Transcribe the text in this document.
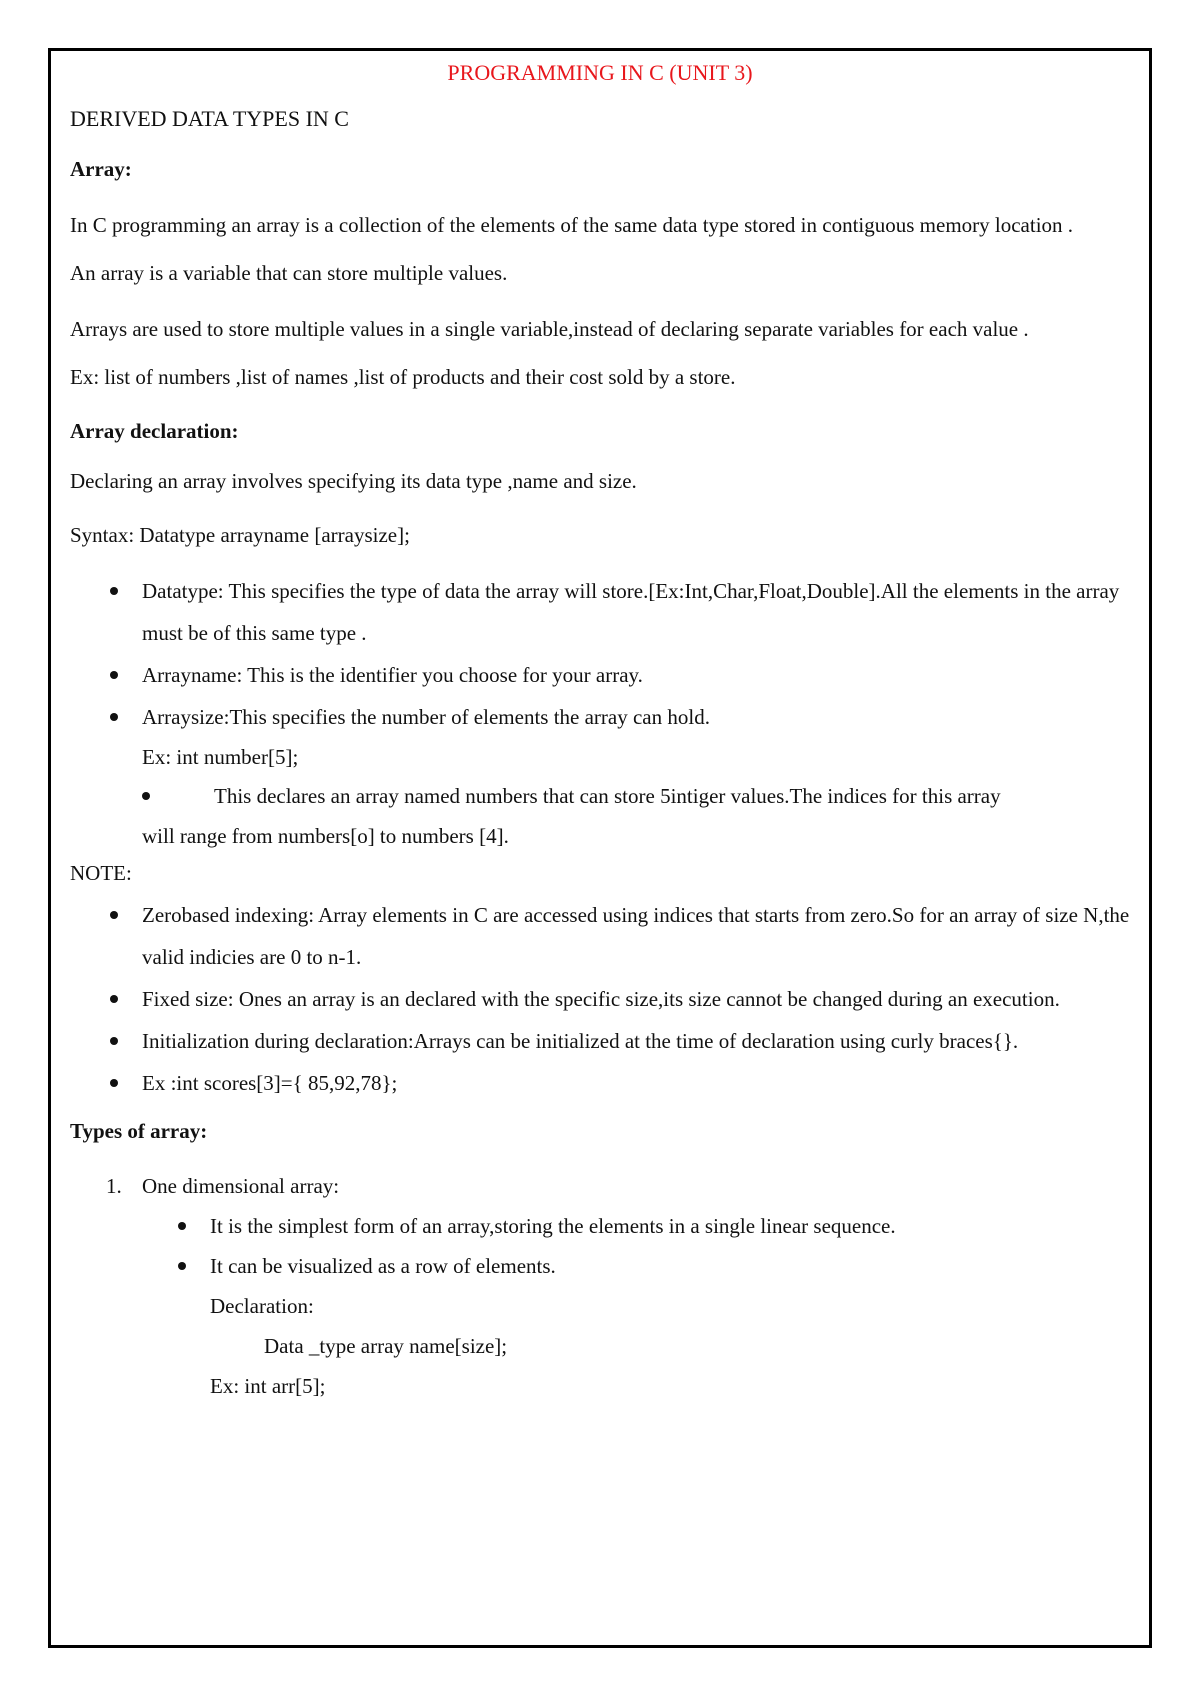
PROGRAMMING IN C (UNIT 3)
DERIVED DATA TYPES IN C
Array:
In C programming an array is a collection of the elements of the same data type stored in contiguous memory location .
An array is a variable that can store multiple values.
Arrays are used to store multiple values in a single variable,instead of declaring separate variables for each value .
Ex: list of numbers ,list of names ,list of products and their cost sold by a store.
Array declaration:
Declaring an array involves specifying its data type ,name and size.
Syntax: Datatype arrayname [arraysize];
Datatype: This specifies the type of data the array will store.[Ex:Int,Char,Float,Double].All the elements in the array must be of this same type .
Arrayname: This is the identifier you choose for your array.
Arraysize:This specifies the number of elements the array can hold.
Ex: int number[5];
This declares an array named numbers that can store 5intiger values.The indices for this array
will range from numbers[o] to numbers [4].
NOTE:
Zerobased indexing: Array elements in C are accessed using indices that starts from zero.So for an array of size N,the valid indicies are 0 to n-1.
Fixed size: Ones an array is an declared with the specific size,its size cannot be changed during an execution.
Initialization during declaration:Arrays can be initialized at the time of declaration using curly braces{}.
Ex :int scores[3]={ 85,92,78};
Types of array:
1. One dimensional array:
It is the simplest form of an array,storing the elements in a single linear sequence.
It can be visualized as a row of elements.
Declaration:
Data _type array name[size];
Ex: int arr[5];
